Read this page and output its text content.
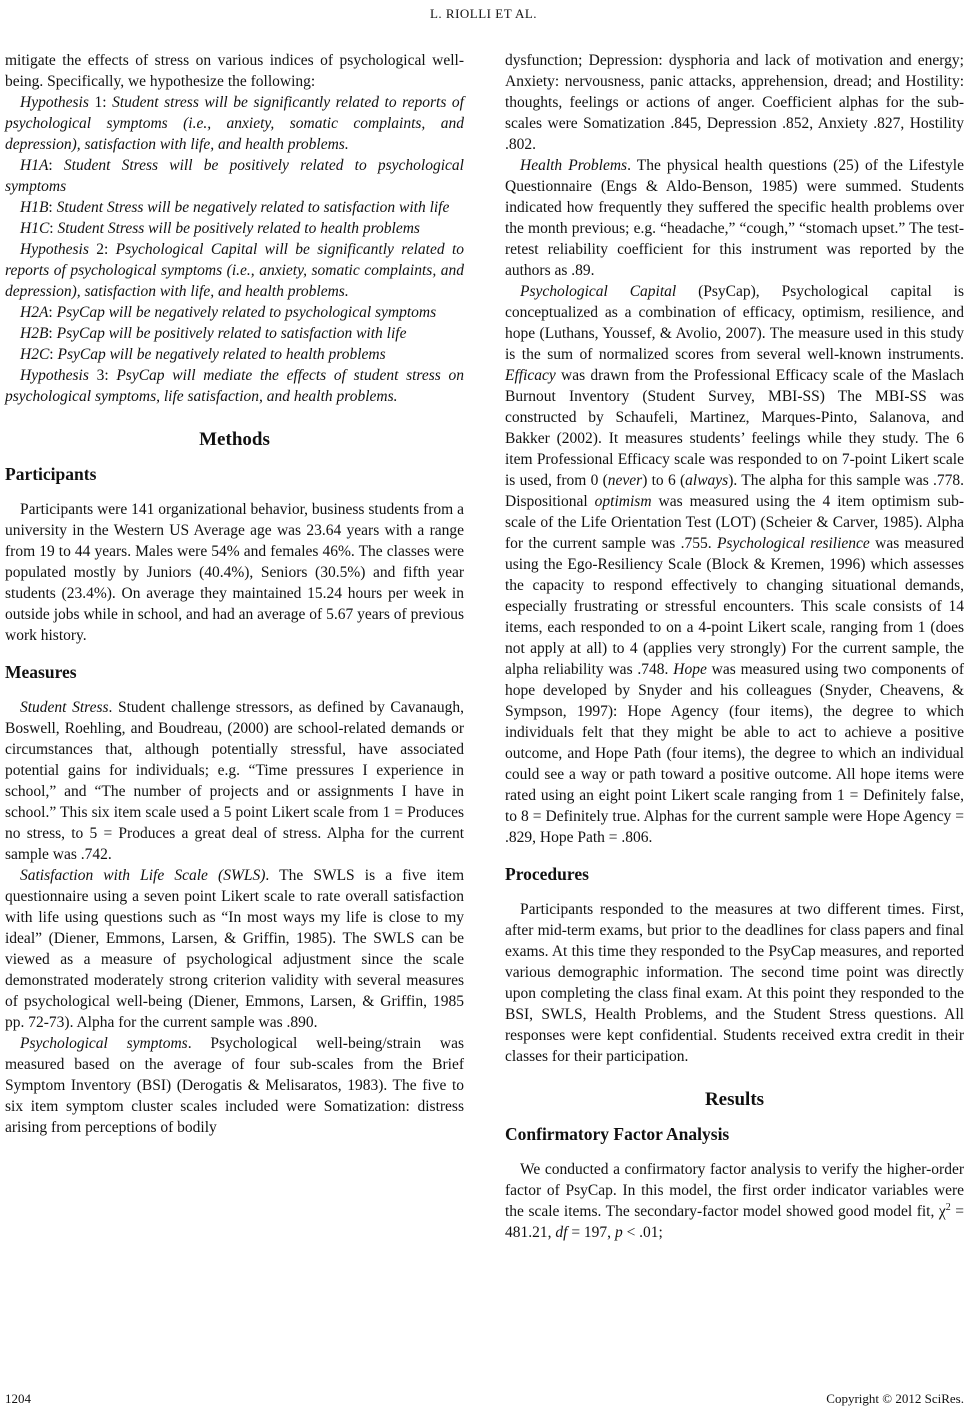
L. RIOLLI ET AL.

mitigate the effects of stress on various indices of psychological well-being. Specifically, we hypothesize the following:

Hypothesis 1: Student stress will be significantly related to reports of psychological symptoms (i.e., anxiety, somatic complaints, and depression), satisfaction with life, and health problems.

H1A: Student Stress will be positively related to psychological symptoms

H1B: Student Stress will be negatively related to satisfaction with life

H1C: Student Stress will be positively related to health problems

Hypothesis 2: Psychological Capital will be significantly related to reports of psychological symptoms (i.e., anxiety, somatic complaints, and depression), satisfaction with life, and health problems.

H2A: PsyCap will be negatively related to psychological symptoms

H2B: PsyCap will be positively related to satisfaction with life

H2C: PsyCap will be negatively related to health problems

Hypothesis 3: PsyCap will mediate the effects of student stress on psychological symptoms, life satisfaction, and health problems.

Methods
Participants

Participants were 141 organizational behavior, business students from a university in the Western US Average age was 23.64 years with a range from 19 to 44 years. Males were 54% and females 46%. The classes were populated mostly by Juniors (40.4%), Seniors (30.5%) and fifth year students (23.4%). On average they maintained 15.24 hours per week in outside jobs while in school, and had an average of 5.67 years of previous work history.

Measures

Student Stress. Student challenge stressors, as defined by Cavanaugh, Boswell, Roehling, and Boudreau, (2000) are school-related demands or circumstances that, although potentially stressful, have associated potential gains for individuals; e.g. “Time pressures I experience in school,” and “The number of projects and or assignments I have in school.” This six item scale used a 5 point Likert scale from 1 = Produces no stress, to 5 = Produces a great deal of stress. Alpha for the current sample was .742.

Satisfaction with Life Scale (SWLS). The SWLS is a five item questionnaire using a seven point Likert scale to rate overall satisfaction with life using questions such as “In most ways my life is close to my ideal” (Diener, Emmons, Larsen, & Griffin, 1985). The SWLS can be viewed as a measure of psychological adjustment since the scale demonstrated moderately strong criterion validity with several measures of psychological well-being (Diener, Emmons, Larsen, & Griffin, 1985 pp. 72-73). Alpha for the current sample was .890.

Psychological symptoms. Psychological well-being/strain was measured based on the average of four sub-scales from the Brief Symptom Inventory (BSI) (Derogatis & Melisaratos, 1983). The five to six item symptom cluster scales included were Somatization: distress arising from perceptions of bodily

dysfunction; Depression: dysphoria and lack of motivation and energy; Anxiety: nervousness, panic attacks, apprehension, dread; and Hostility: thoughts, feelings or actions of anger. Coefficient alphas for the sub-scales were Somatization .845, Depression .852, Anxiety .827, Hostility .802.

Health Problems. The physical health questions (25) of the Lifestyle Questionnaire (Engs & Aldo-Benson, 1985) were summed. Students indicated how frequently they suffered the specific health problems over the month previous; e.g. “headache,” “cough,” “stomach upset.” The test-retest reliability coefficient for this instrument was reported by the authors as .89.

Psychological Capital (PsyCap), Psychological capital is conceptualized as a combination of efficacy, optimism, resilience, and hope (Luthans, Youssef, & Avolio, 2007). The measure used in this study is the sum of normalized scores from several well-known instruments. Efficacy was drawn from the Professional Efficacy scale of the Maslach Burnout Inventory (Student Survey, MBI-SS) The MBI-SS was constructed by Schaufeli, Martinez, Marques-Pinto, Salanova, and Bakker (2002). It measures students’ feelings while they study. The 6 item Professional Efficacy scale was responded to on 7-point Likert scale is used, from 0 (never) to 6 (always). The alpha for this sample was .778. Dispositional optimism was measured using the 4 item optimism sub-scale of the Life Orientation Test (LOT) (Scheier & Carver, 1985). Alpha for the current sample was .755. Psychological resilience was measured using the Ego-Resiliency Scale (Block & Kremen, 1996) which assesses the capacity to respond effectively to changing situational demands, especially frustrating or stressful encounters. This scale consists of 14 items, each responded to on a 4-point Likert scale, ranging from 1 (does not apply at all) to 4 (applies very strongly) For the current sample, the alpha reliability was .748. Hope was measured using two components of hope developed by Snyder and his colleagues (Snyder, Cheavens, & Sympson, 1997): Hope Agency (four items), the degree to which individuals felt that they might be able to act to achieve a positive outcome, and Hope Path (four items), the degree to which an individual could see a way or path toward a positive outcome. All hope items were rated using an eight point Likert scale ranging from 1 = Definitely false, to 8 = Definitely true. Alphas for the current sample were Hope Agency = .829, Hope Path = .806.

Procedures

Participants responded to the measures at two different times. First, after mid-term exams, but prior to the deadlines for class papers and final exams. At this time they responded to the PsyCap measures, and reported various demographic information. The second time point was directly upon completing the class final exam. At this point they responded to the BSI, SWLS, Health Problems, and the Student Stress questions. All responses were kept confidential. Students received extra credit in their classes for their participation.

Results
Confirmatory Factor Analysis

We conducted a confirmatory factor analysis to verify the higher-order factor of PsyCap. In this model, the first order indicator variables were the scale items. The secondary-factor model showed good model fit, $\chi^2 = 481.21$, df = 197, p < .01;

1204	Copyright © 2012 SciRes.
